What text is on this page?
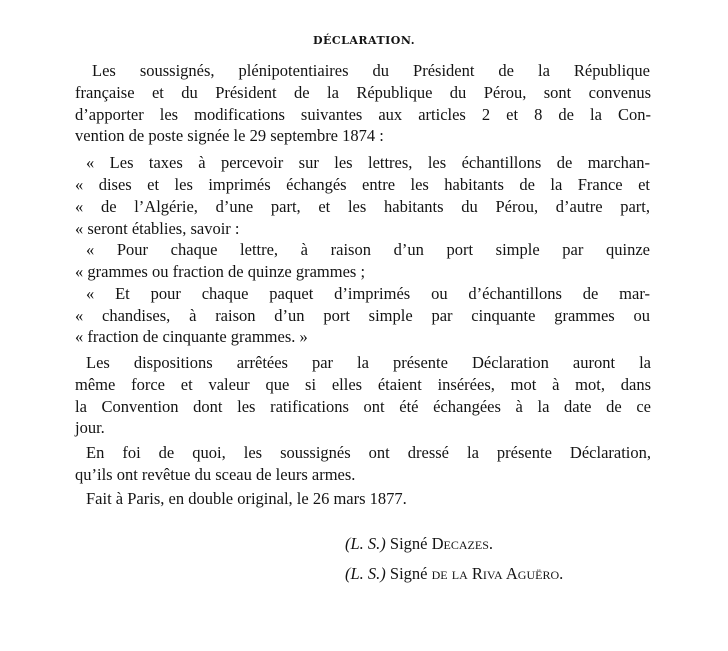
DÉCLARATION.
Les soussignés, plénipotentiaires du Président de la République
française et du Président de la République du Pérou, sont convenus
d’apporter les modifications suivantes aux articles 2 et 8 de la Con-
vention de poste signée le 29 septembre 1874 :
« Les taxes à percevoir sur les lettres, les échantillons de marchan-
« dises et les imprimés échangés entre les habitants de la France et
« de l’Algérie, d’une part, et les habitants du Pérou, d’autre part,
« seront établies, savoir :
« Pour chaque lettre, à raison d’un port simple par quinze
« grammes ou fraction de quinze grammes ;
« Et pour chaque paquet d’imprimés ou d’échantillons de mar-
« chandises, à raison d’un port simple par cinquante grammes ou
« fraction de cinquante grammes. »
Les dispositions arrêtées par la présente Déclaration auront la
même force et valeur que si elles étaient insérées, mot à mot, dans
la Convention dont les ratifications ont été échangées à la date de ce
jour.
En foi de quoi, les soussignés ont dressé la présente Déclaration,
qu’ils ont revêtue du sceau de leurs armes.
Fait à Paris, en double original, le 26 mars 1877.
(L. S.) Signé Decazes.
(L. S.) Signé de la Riva Aguëro.
